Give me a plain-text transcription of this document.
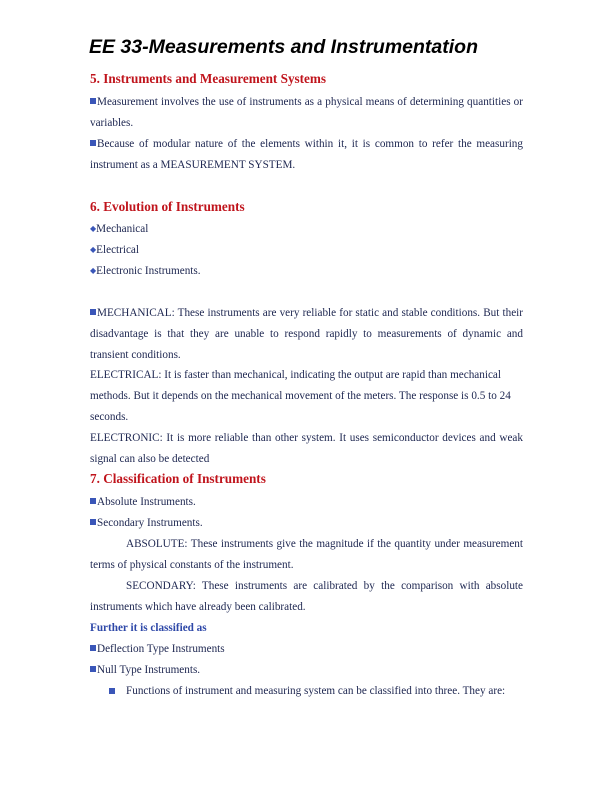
EE 33-Measurements and Instrumentation
5. Instruments and Measurement Systems
Measurement involves the use of instruments as a physical means of determining quantities or variables.
Because of modular nature of the elements within it, it is common to refer the measuring instrument as a MEASUREMENT SYSTEM.
6. Evolution of Instruments
◆Mechanical
◆Electrical
◆Electronic Instruments.
MECHANICAL: These instruments are very reliable for static and stable conditions. But their disadvantage is that they are unable to respond rapidly to measurements of dynamic and transient conditions.
ELECTRICAL: It is faster than mechanical, indicating the output are rapid than mechanical methods. But it depends on the mechanical movement of the meters. The response is 0.5 to 24 seconds.
ELECTRONIC: It is more reliable than other system. It uses semiconductor devices and weak signal can also be detected
7. Classification of Instruments
Absolute Instruments.
Secondary Instruments.
ABSOLUTE: These instruments give the magnitude if the quantity under measurement terms of physical constants of the instrument.
SECONDARY: These instruments are calibrated by the comparison with absolute instruments which have already been calibrated.
Further it is classified as
Deflection Type Instruments
Null Type Instruments.
Functions of instrument and measuring system can be classified into three. They are:
